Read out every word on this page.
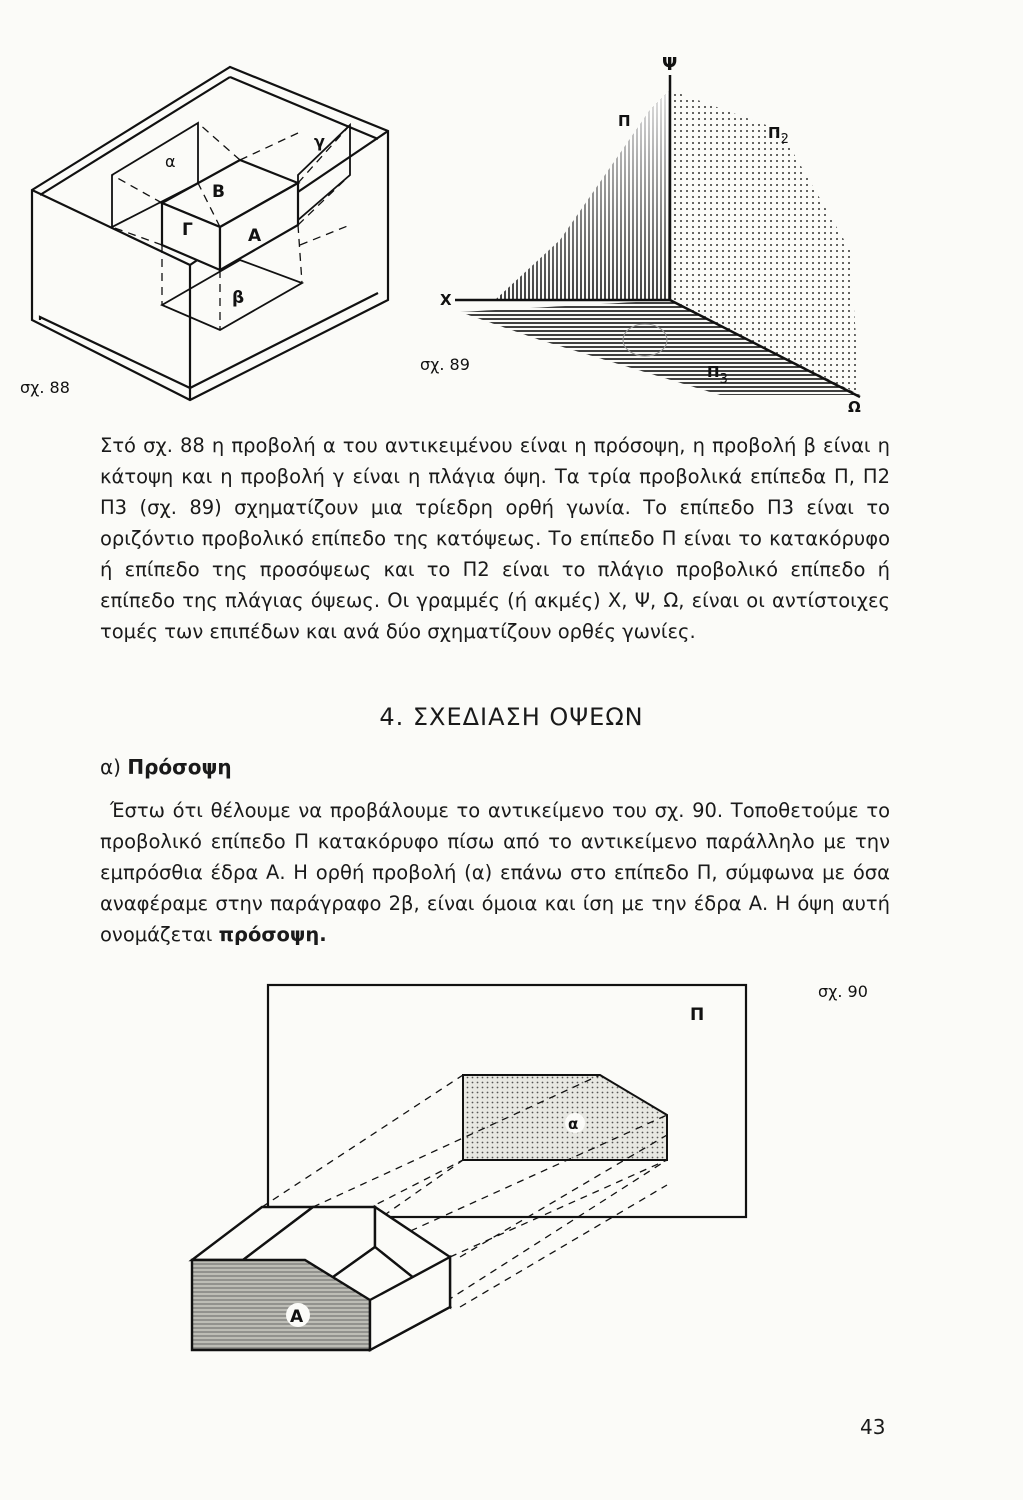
α
γ
Β
Γ	Α
β
σχ. 88
Ψ
Π
Π2
Χ
Π3
Ω
σχ. 89
Στό σχ. 88 η προβολή α του αντικειμένου είναι η πρόσοψη, η προβολή β είναι η κάτοψη και η προβολή γ είναι η πλάγια όψη. Τα τρία προβολικά επίπεδα Π, Π2 Π3 (σχ. 89) σχηματίζουν μια τρίεδρη ορθή γωνία. Το επίπεδο Π3 είναι το οριζόντιο προβολικό επίπεδο της κατόψεως. Το επίπεδο Π είναι το κατακόρυφο ή επίπεδο της προσόψεως και το Π2 είναι το πλάγιο προβολικό επίπεδο ή επίπεδο της πλάγιας όψεως. Οι γραμμές (ή ακμές) Χ, Ψ, Ω, είναι οι αντίστοιχες τομές των επιπέδων και ανά δύο σχηματίζουν ορθές γωνίες.
4. ΣΧΕΔΙΑΣΗ ΟΨΕΩΝ
α) Πρόσοψη
Έστω ότι θέλουμε να προβάλουμε το αντικείμενο του σχ. 90. Τοποθετούμε το προβολικό επίπεδο Π κατακόρυφο πίσω από το αντικείμενο παράλληλο με την εμπρόσθια έδρα Α. Η ορθή προβολή (α) επάνω στο επίπεδο Π, σύμφωνα με όσα αναφέραμε στην παράγραφο 2β, είναι όμοια και ίση με την έδρα Α. Η όψη αυτή ονομάζεται πρόσοψη.
Π
α
Α
σχ. 90
43
